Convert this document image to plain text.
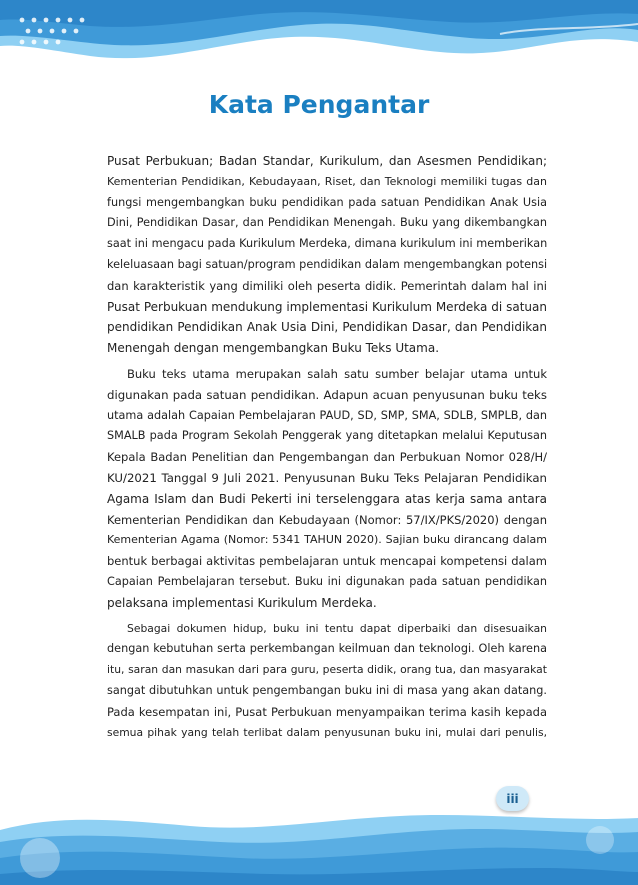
Kata Pengantar

Pusat Perbukuan; Badan Standar, Kurikulum, dan Asesmen Pendidikan;
Kementerian Pendidikan, Kebudayaan, Riset, dan Teknologi memiliki tugas dan
fungsi mengembangkan buku pendidikan pada satuan Pendidikan Anak Usia
Dini, Pendidikan Dasar, dan Pendidikan Menengah. Buku yang dikembangkan
saat ini mengacu pada Kurikulum Merdeka, dimana kurikulum ini memberikan
keleluasaan bagi satuan/program pendidikan dalam mengembangkan potensi
dan karakteristik yang dimiliki oleh peserta didik. Pemerintah dalam hal ini
Pusat Perbukuan mendukung implementasi Kurikulum Merdeka di satuan
pendidikan Pendidikan Anak Usia Dini, Pendidikan Dasar, dan Pendidikan
Menengah dengan mengembangkan Buku Teks Utama.

Buku teks utama merupakan salah satu sumber belajar utama untuk
digunakan pada satuan pendidikan. Adapun acuan penyusunan buku teks
utama adalah Capaian Pembelajaran PAUD, SD, SMP, SMA, SDLB, SMPLB, dan
SMALB pada Program Sekolah Penggerak yang ditetapkan melalui Keputusan
Kepala Badan Penelitian dan Pengembangan dan Perbukuan Nomor 028/H/
KU/2021 Tanggal 9 Juli 2021. Penyusunan Buku Teks Pelajaran Pendidikan
Agama Islam dan Budi Pekerti ini terselenggara atas kerja sama antara
Kementerian Pendidikan dan Kebudayaan (Nomor: 57/IX/PKS/2020) dengan
Kementerian Agama (Nomor: 5341 TAHUN 2020). Sajian buku dirancang dalam
bentuk berbagai aktivitas pembelajaran untuk mencapai kompetensi dalam
Capaian Pembelajaran tersebut. Buku ini digunakan pada satuan pendidikan
pelaksana implementasi Kurikulum Merdeka.

Sebagai dokumen hidup, buku ini tentu dapat diperbaiki dan disesuaikan
dengan kebutuhan serta perkembangan keilmuan dan teknologi. Oleh karena
itu, saran dan masukan dari para guru, peserta didik, orang tua, dan masyarakat
sangat dibutuhkan untuk pengembangan buku ini di masa yang akan datang.
Pada kesempatan ini, Pusat Perbukuan menyampaikan terima kasih kepada
semua pihak yang telah terlibat dalam penyusunan buku ini, mulai dari penulis,

iii
